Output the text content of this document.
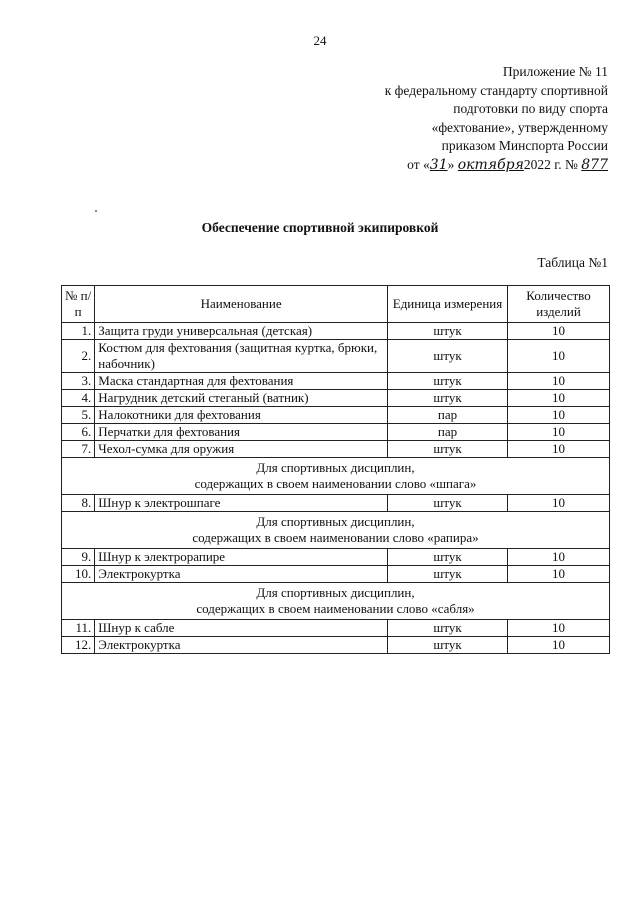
24
Приложение № 11
к федеральному стандарту спортивной
подготовки по виду спорта
«фехтование», утвержденному
приказом Минспорта России
от «31» октября2022 г. № 877
Обеспечение спортивной экипировкой
Таблица №1
№ п/п	Наименование	Единица измерения	Количество изделий
1.	Защита груди универсальная (детская)	штук	10
2.	Костюм для фехтования (защитная куртка, брюки, набочник)	штук	10
3.	Маска стандартная для фехтования	штук	10
4.	Нагрудник детский стеганый (ватник)	штук	10
5.	Налокотники для фехтования	пар	10
6.	Перчатки для фехтования	пар	10
7.	Чехол-сумка для оружия	штук	10

Для спортивных дисциплин,
содержащих в своем наименовании слово «шпага»			

8.	Шнур к электрошпаге	штук	10

Для спортивных дисциплин,
содержащих в своем наименовании слово «рапира»			

9.	Шнур к электрорапире	штук	10
10.	Электрокуртка	штук	10

Для спортивных дисциплин,
содержащих в своем наименовании слово «сабля»			

11.	Шнур к сабле	штук	10
12.	Электрокуртка	штук	10
